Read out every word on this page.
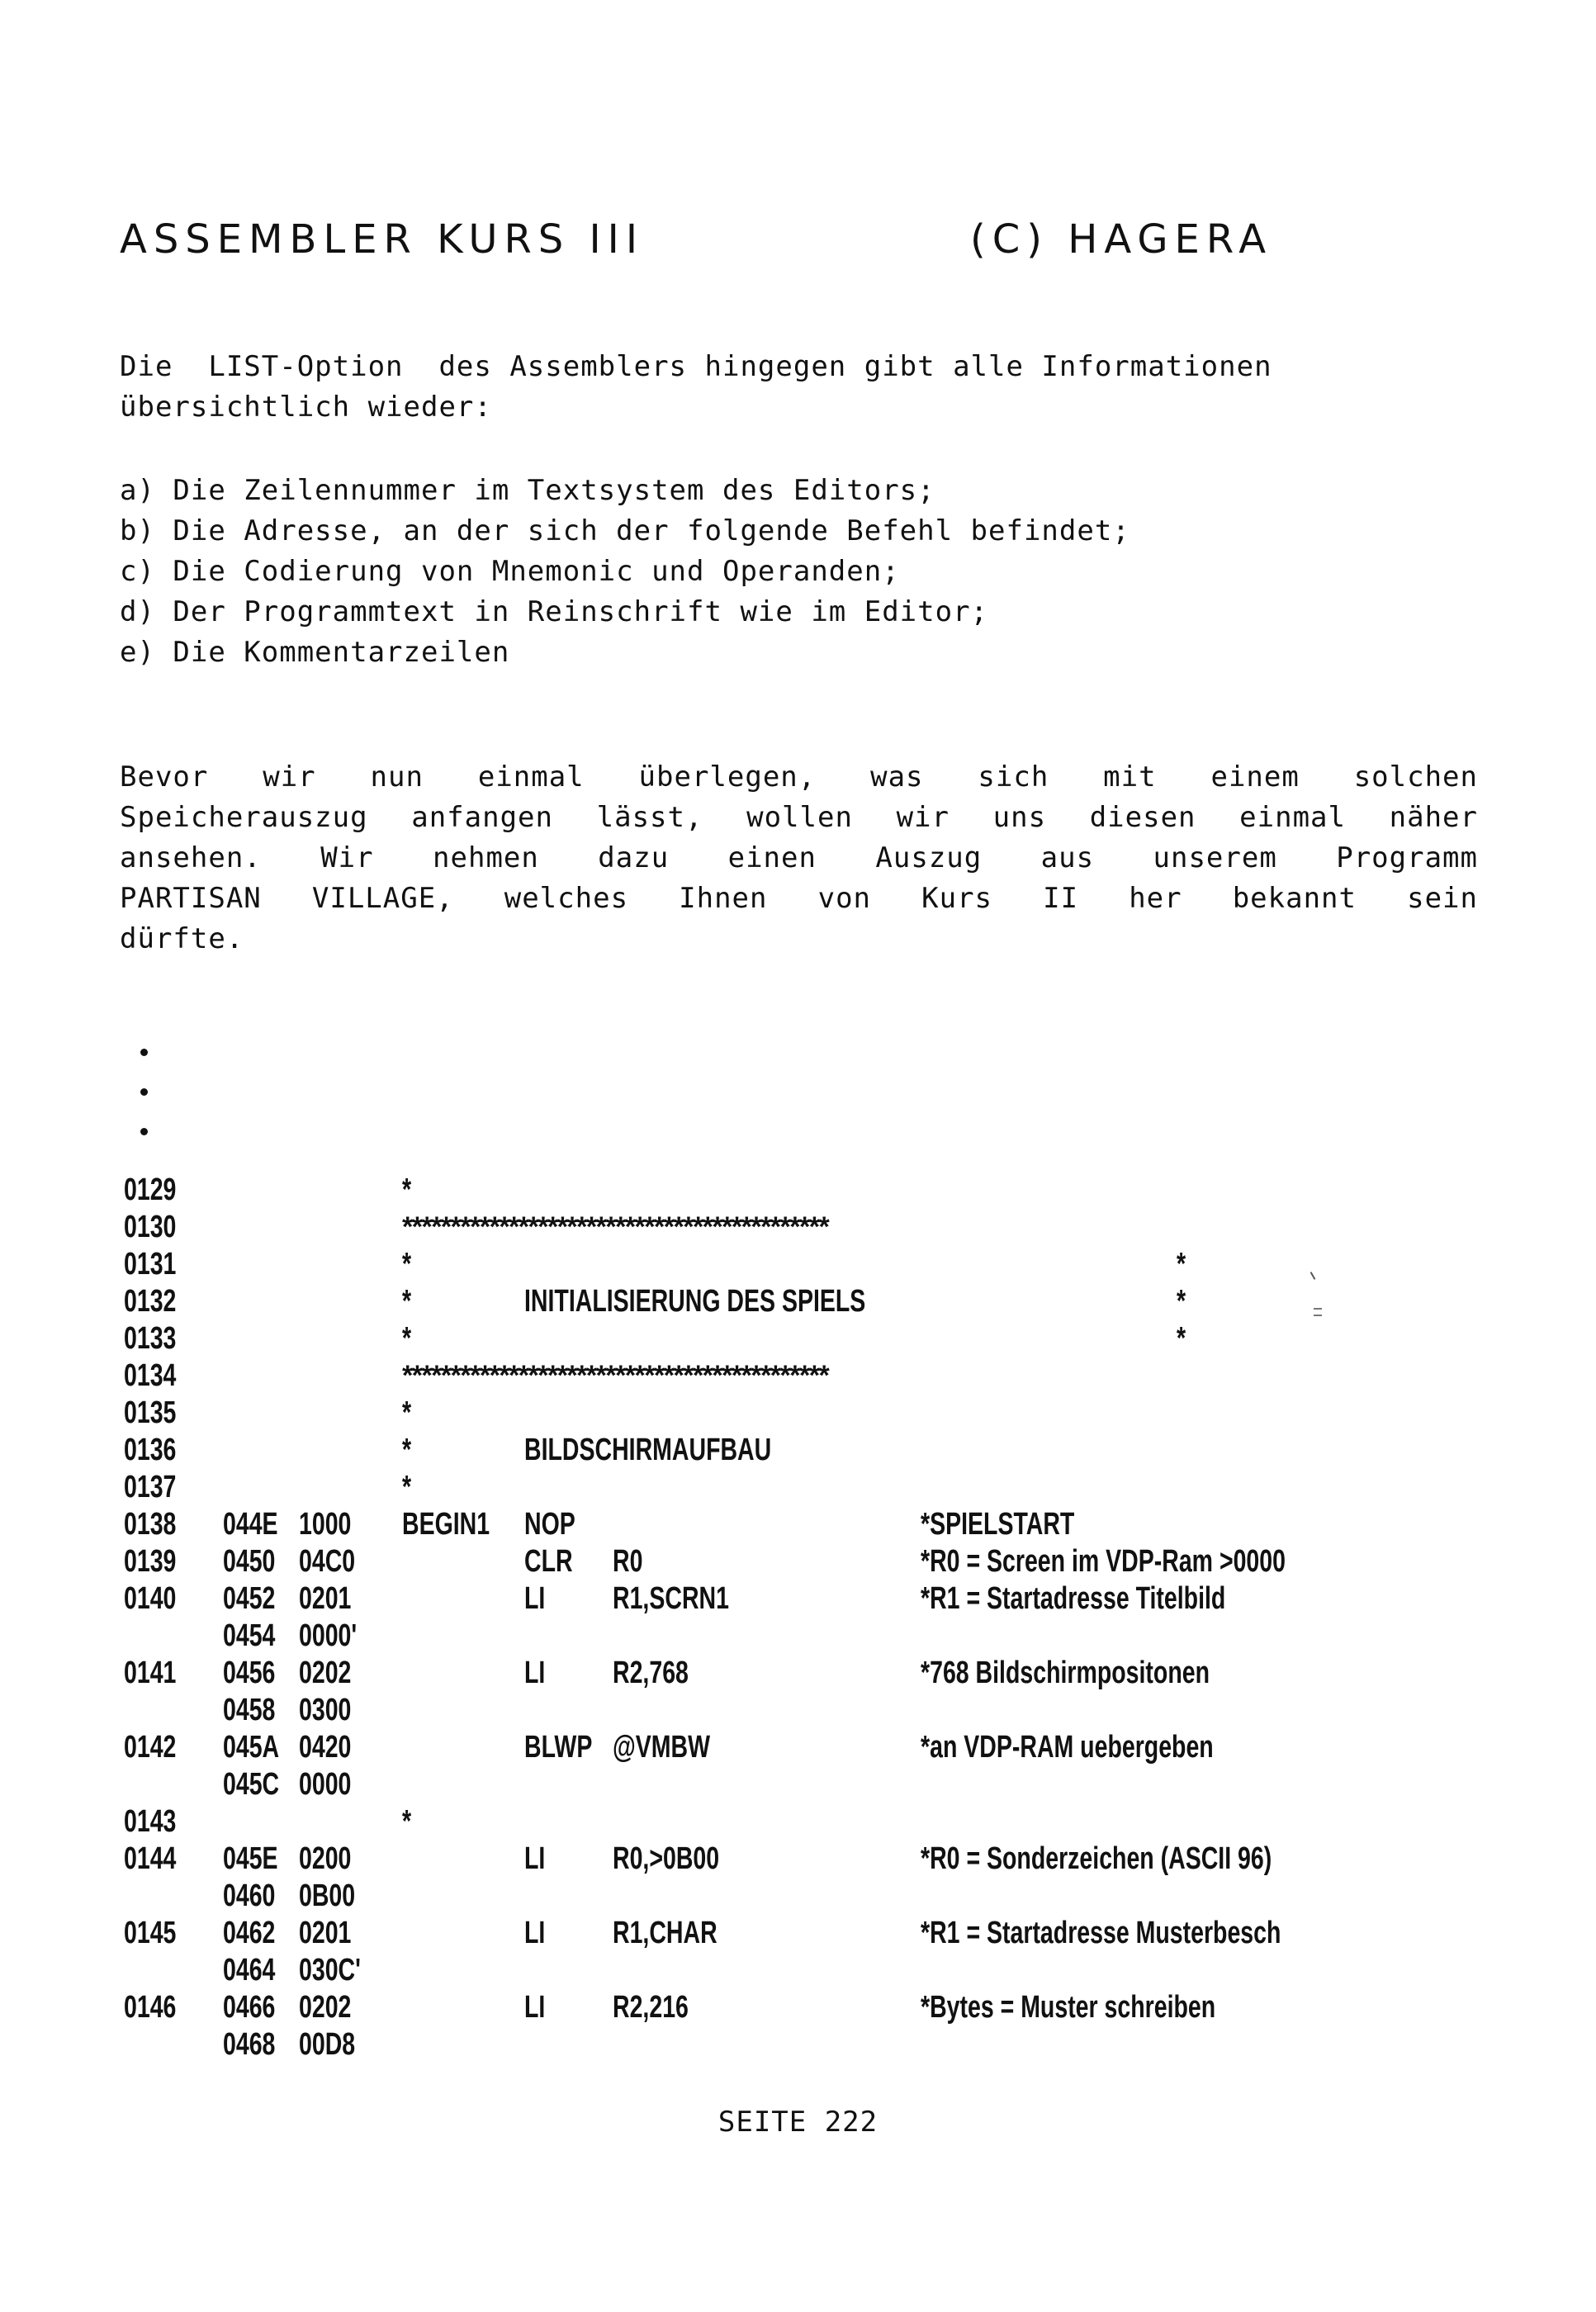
ASSEMBLER KURS III	(C) HAGERA

Die  LIST-Option  des Assemblers hingegen gibt alle Informationen

übersichtlich wieder:

a) Die Zeilennummer im Textsystem des Editors;

b) Die Adresse, an der sich der folgende Befehl befindet;

c) Die Codierung von Mnemonic und Operanden;

d) Der Programmtext in Reinschrift wie im Editor;

e) Die Kommentarzeilen

Bevor wir nun einmal überlegen, was sich mit einem solchen

Speicherauszug anfangen lässt, wollen wir uns diesen einmal näher

ansehen. Wir nehmen dazu einen Auszug aus unserem Programm

PARTISAN VILLAGE, welches Ihnen von Kurs II her bekannt sein

dürfte.

0129	*
0130	********************************************
0131	*	*
0132	*	INITIALISIERUNG DES SPIELS	*
0133	*	*
0134	********************************************
0135	*
0136	*	BILDSCHIRMAUFBAU
0137	*
0138 044E 1000 BEGIN1 NOP	*SPIELSTART
0139 0450 04C0	CLR R0	*R0 = Screen im VDP-Ram >0000
0140 0452 0201	LI R1,SCRN1	*R1 = Startadresse Titelbild
0454 0000'
0141 0456 0202	LI R2,768	*768 Bildschirmpositonen
0458 0300
0142 045A 0420	BLWP @VMBW	*an VDP-RAM uebergeben
045C 0000
0143	*
0144 045E 0200	LI R0,>0B00	*R0 = Sonderzeichen (ASCII 96)
0460 0B00
0145 0462 0201	LI R1,CHAR	*R1 = Startadresse Musterbesch
0464 030C'
0146 0466 0202	LI R2,216	*Bytes = Muster schreiben
0468 00D8
SEITE 222
